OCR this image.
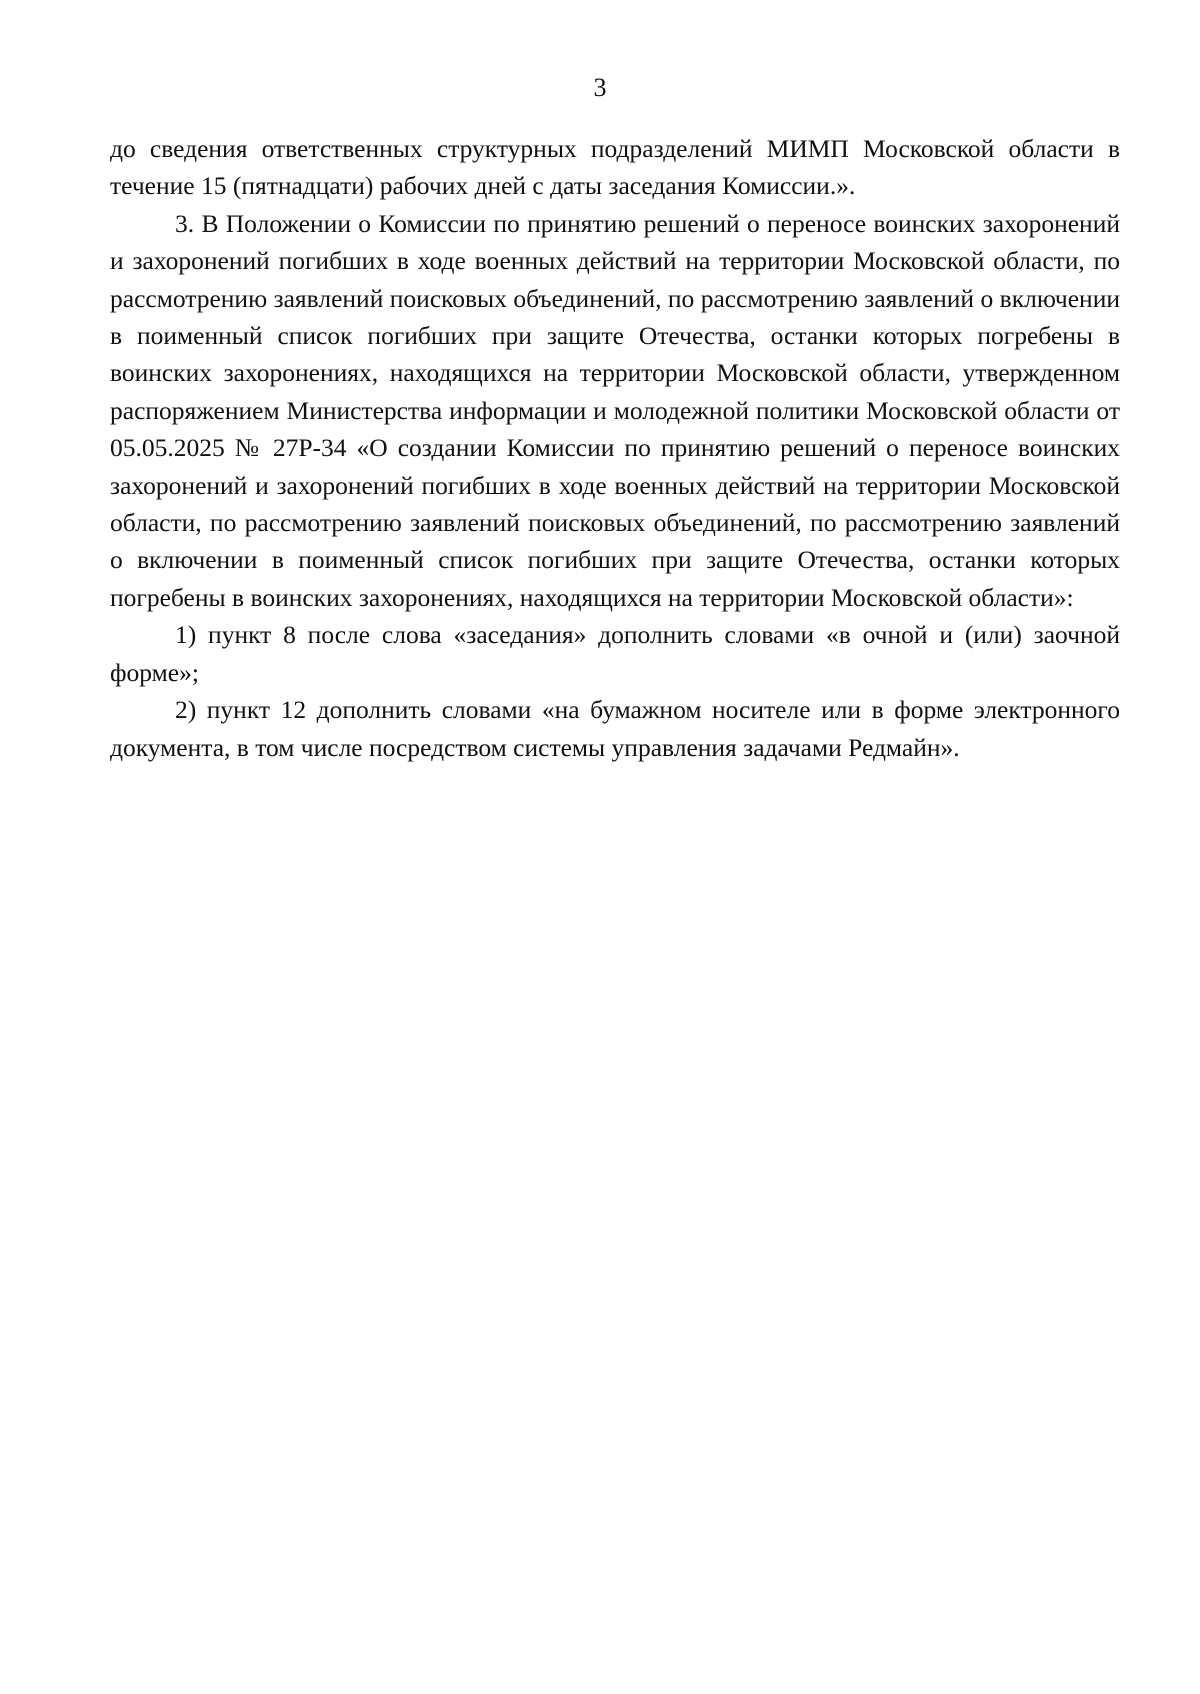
3

до сведения ответственных структурных подразделений МИМП Московской области в течение 15 (пятнадцати) рабочих дней с даты заседания Комиссии.».

3. В Положении о Комиссии по принятию решений о переносе воинских захоронений и захоронений погибших в ходе военных действий на территории Московской области, по рассмотрению заявлений поисковых объединений, по рассмотрению заявлений о включении в поименный список погибших при защите Отечества, останки которых погребены в воинских захоронениях, находящихся на территории Московской области, утвержденном распоряжением Министерства информации и молодежной политики Московской области от 05.05.2025 № 27Р-34 «О создании Комиссии по принятию решений о переносе воинских захоронений и захоронений погибших в ходе военных действий на территории Московской области, по рассмотрению заявлений поисковых объединений, по рассмотрению заявлений о включении в поименный список погибших при защите Отечества, останки которых погребены в воинских захоронениях, находящихся на территории Московской области»:

1) пункт 8 после слова «заседания» дополнить словами «в очной и (или) заочной форме»;

2) пункт 12 дополнить словами «на бумажном носителе или в форме электронного документа, в том числе посредством системы управления задачами Редмайн».
